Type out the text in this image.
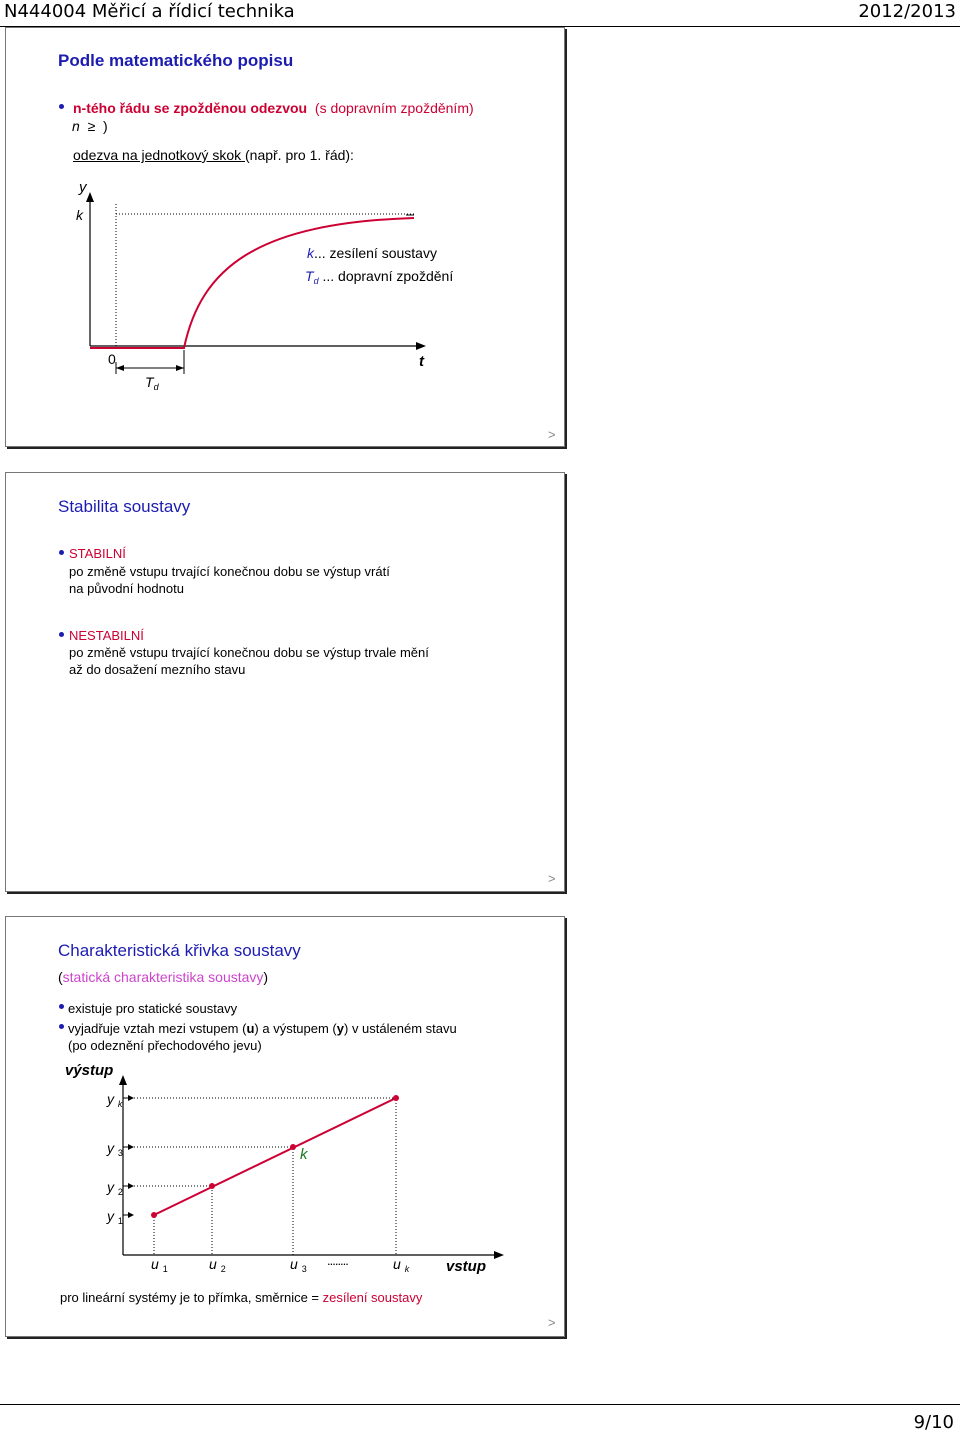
N444004 Měřicí a řídicí technika	2012/2013
Podle matematického popisu
n-tého řádu se zpožděnou odezvou (s dopravním zpožděním)
n ≥ )
odezva na jednotkový skok (např. pro 1. řád):
y
k
0	t
$T_d$
k... zesílení soustavy
$T_d$ ... dopravní zpoždění
>
Stabilita soustavy
STABILNÍ
po změně vstupu trvající konečnou dobu se výstup vrátí
na původní hodnotu
NESTABILNÍ
po změně vstupu trvající konečnou dobu se výstup trvale mění
až do dosažení mezního stavu
>
Charakteristická křivka soustavy
(statická charakteristika soustavy)
existuje pro statické soustavy
vyjadřuje vztah mezi vstupem (u) a výstupem (y) v ustáleném stavu
(po odeznění přechodového jevu)
výstup
vstup
y $_k$
y $_3$
y $_2$
y $_1$
u $_1$	u $_2$	u $_3$
........	u $_k$
k
pro lineární systémy je to přímka, směrnice = zesílení soustavy
>
9/10
